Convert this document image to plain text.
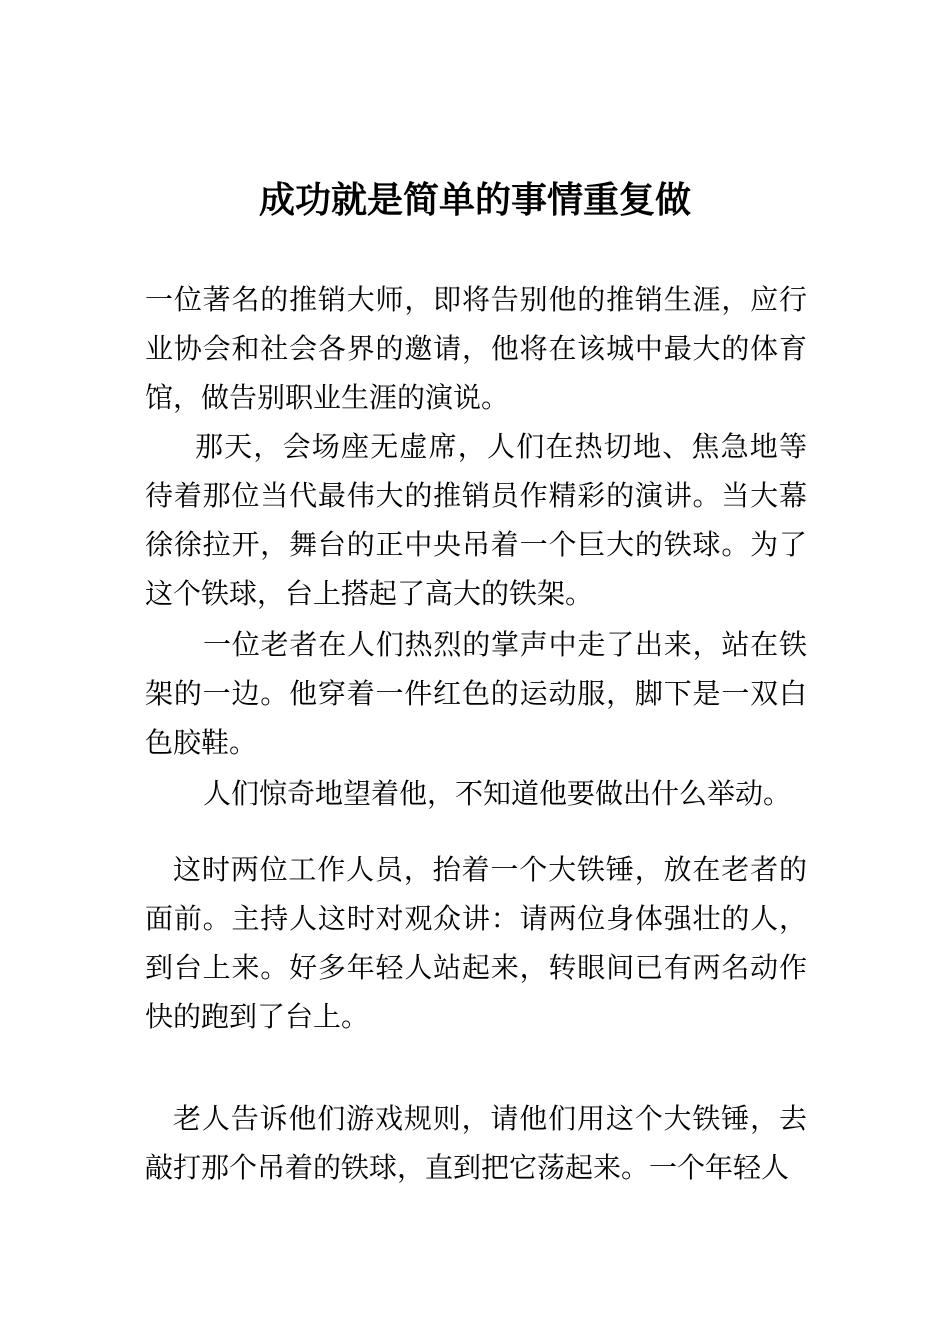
成功就是简单的事情重复做

一位著名的推销大师，即将告别他的推销生涯，应行业协会和社会各界的邀请，他将在该城中最大的体育馆，做告别职业生涯的演说。

那天，会场座无虚席，人们在热切地、焦急地等待着那位当代最伟大的推销员作精彩的演讲。当大幕徐徐拉开，舞台的正中央吊着一个巨大的铁球。为了这个铁球，台上搭起了高大的铁架。

一位老者在人们热烈的掌声中走了出来，站在铁架的一边。他穿着一件红色的运动服，脚下是一双白色胶鞋。

人们惊奇地望着他，不知道他要做出什么举动。

这时两位工作人员，抬着一个大铁锤，放在老者的面前。主持人这时对观众讲：请两位身体强壮的人，到台上来。好多年轻人站起来，转眼间已有两名动作快的跑到了台上。

老人告诉他们游戏规则，请他们用这个大铁锤，去敲打那个吊着的铁球，直到把它荡起来。一个年轻人
